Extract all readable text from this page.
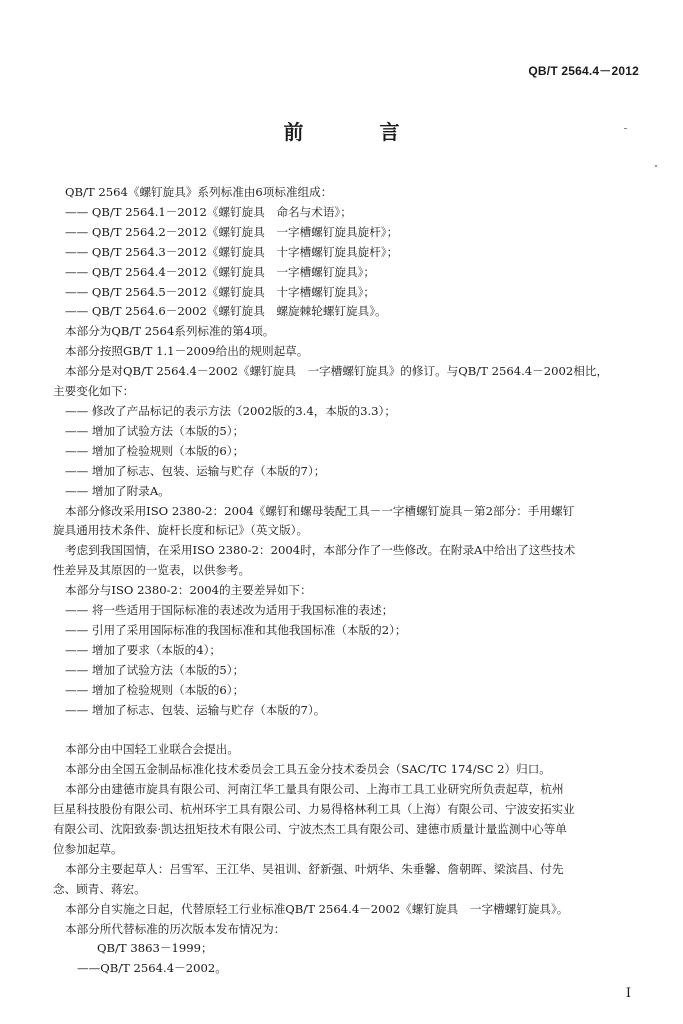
QB/T 2564.4－2012
前　言
QB/T 2564《螺钉旋具》系列标准由6项标准组成：
—— QB/T 2564.1－2012《螺钉旋具　命名与术语》；
—— QB/T 2564.2－2012《螺钉旋具　一字槽螺钉旋具旋杆》；
—— QB/T 2564.3－2012《螺钉旋具　十字槽螺钉旋具旋杆》；
—— QB/T 2564.4－2012《螺钉旋具　一字槽螺钉旋具》；
—— QB/T 2564.5－2012《螺钉旋具　十字槽螺钉旋具》；
—— QB/T 2564.6－2002《螺钉旋具　螺旋棘轮螺钉旋具》。
本部分为QB/T 2564系列标准的第4项。
本部分按照GB/T 1.1－2009给出的规则起草。
本部分是对QB/T 2564.4－2002《螺钉旋具　一字槽螺钉旋具》的修订。与QB/T 2564.4－2002相比，
主要变化如下：
—— 修改了产品标记的表示方法（2002版的3.4，本版的3.3）；
—— 增加了试验方法（本版的5）；
—— 增加了检验规则（本版的6）；
—— 增加了标志、包装、运输与贮存（本版的7）；
—— 增加了附录A。
本部分修改采用ISO 2380-2：2004《螺钉和螺母装配工具－一字槽螺钉旋具－第2部分：手用螺钉
旋具通用技术条件、旋杆长度和标记》（英文版）。
考虑到我国国情，在采用ISO 2380-2：2004时，本部分作了一些修改。在附录A中给出了这些技术
性差异及其原因的一览表，以供参考。
本部分与ISO 2380-2：2004的主要差异如下：
—— 将一些适用于国际标准的表述改为适用于我国标准的表述；
—— 引用了采用国际标准的我国标准和其他我国标准（本版的2）；
—— 增加了要求（本版的4）；
—— 增加了试验方法（本版的5）；
—— 增加了检验规则（本版的6）；
—— 增加了标志、包装、运输与贮存（本版的7）。
本部分由中国轻工业联合会提出。
本部分由全国五金制品标准化技术委员会工具五金分技术委员会（SAC/TC 174/SC 2）归口。
本部分由建德市旋具有限公司、河南江华工量具有限公司、上海市工具工业研究所负责起草，杭州
巨星科技股份有限公司、杭州环宇工具有限公司、力易得格林利工具（上海）有限公司、宁波安拓实业
有限公司、沈阳致泰·凯达扭矩技术有限公司、宁波杰杰工具有限公司、建德市质量计量监测中心等单
位参加起草。
本部分主要起草人：吕雪军、王江华、吴祖训、舒新强、叶炳华、朱垂馨、詹朝晖、梁滨昌、付先
念、顾青、蒋宏。
本部分自实施之日起，代替原轻工行业标准QB/T 2564.4－2002《螺钉旋具　一字槽螺钉旋具》。
本部分所代替标准的历次版本发布情况为：
QB/T 3863－1999；
——QB/T 2564.4－2002。
I
